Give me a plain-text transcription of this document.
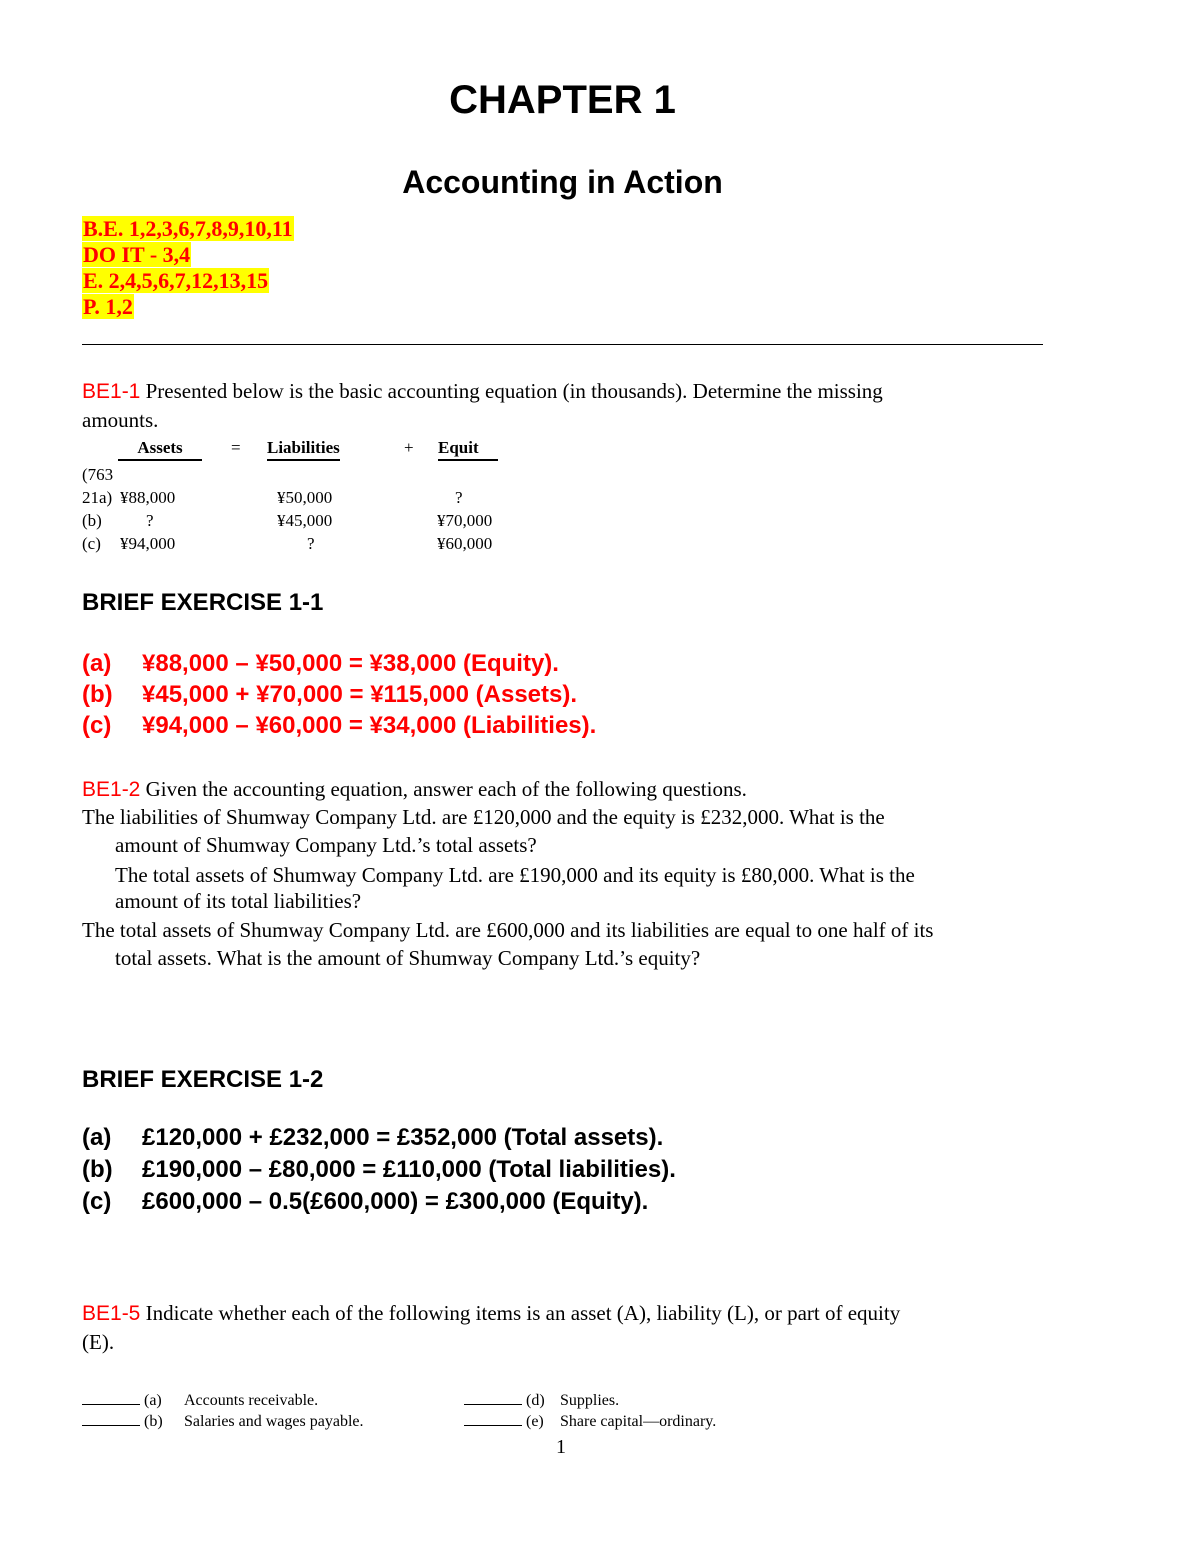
CHAPTER 1
Accounting in Action
B.E. 1,2,3,6,7,8,9,10,11
DO IT - 3,4
E. 2,4,5,6,7,12,13,15
P. 1,2
BE1-1 Presented below is the basic accounting equation (in thousands). Determine the missing
amounts.
Assets	= Liabilities	+ Equit
(763
21a) ¥88,000	¥50,000	?
(b)	?	¥45,000	¥70,000
(c) ¥94,000	?	¥60,000
BRIEF EXERCISE 1-1
(a) ¥88,000 – ¥50,000 = ¥38,000 (Equity).
(b) ¥45,000 + ¥70,000 = ¥115,000 (Assets).
(c) ¥94,000 – ¥60,000 = ¥34,000 (Liabilities).
BE1-2 Given the accounting equation, answer each of the following questions.
The liabilities of Shumway Company Ltd. are £120,000 and the equity is £232,000. What is the
amount of Shumway Company Ltd.’s total assets?
The total assets of Shumway Company Ltd. are £190,000 and its equity is £80,000. What is the
amount of its total liabilities?
The total assets of Shumway Company Ltd. are £600,000 and its liabilities are equal to one half of its
total assets. What is the amount of Shumway Company Ltd.’s equity?
BRIEF EXERCISE 1-2
(a) £120,000 + £232,000 = £352,000 (Total assets).
(b) £190,000 – £80,000 = £110,000 (Total liabilities).
(c) £600,000 – 0.5(£600,000) = £300,000 (Equity).
BE1-5 Indicate whether each of the following items is an asset (A), liability (L), or part of equity
(E).
(a) Accounts receivable.
(b) Salaries and wages payable.
(d) Supplies.
(e) Share capital—ordinary.
1
